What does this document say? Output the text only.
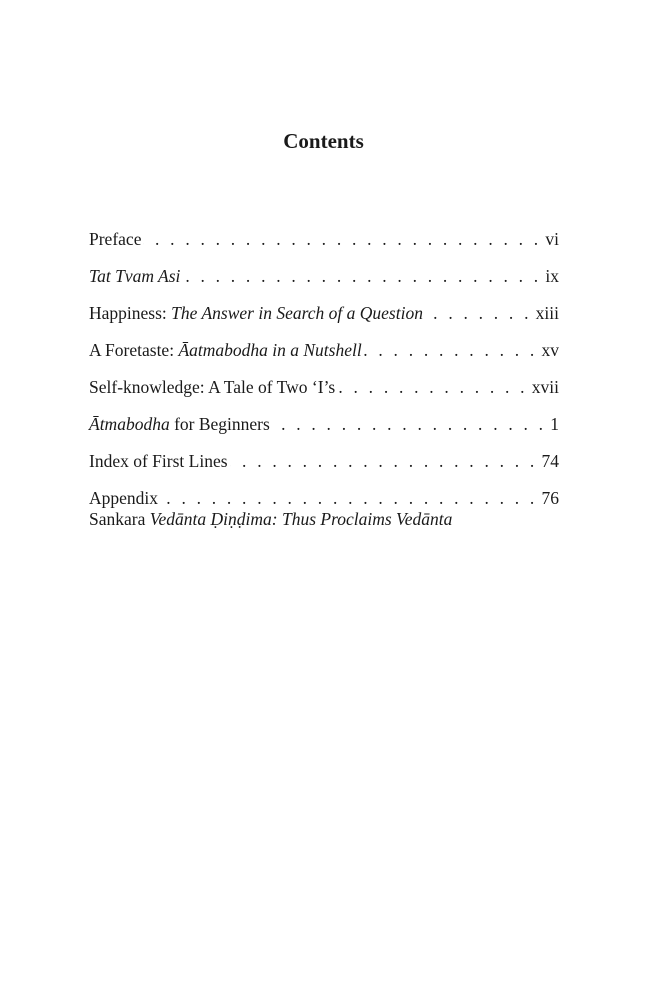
Contents
Preface . . .	vi
Tat Tvam Asi . . .	ix
Happiness: The Answer in Search of a Question . . .	xiii
A Foretaste: Āatmabodha in a Nutshell . . .	xv
Self-knowledge: A Tale of Two ‘I’s . . .	xvii
Ātmabodha for Beginners . . .	1
Index of First Lines . . .	74
Appendix . . .	76
Sankara Vedānta Ḍiṇḍima: Thus Proclaims Vedānta
